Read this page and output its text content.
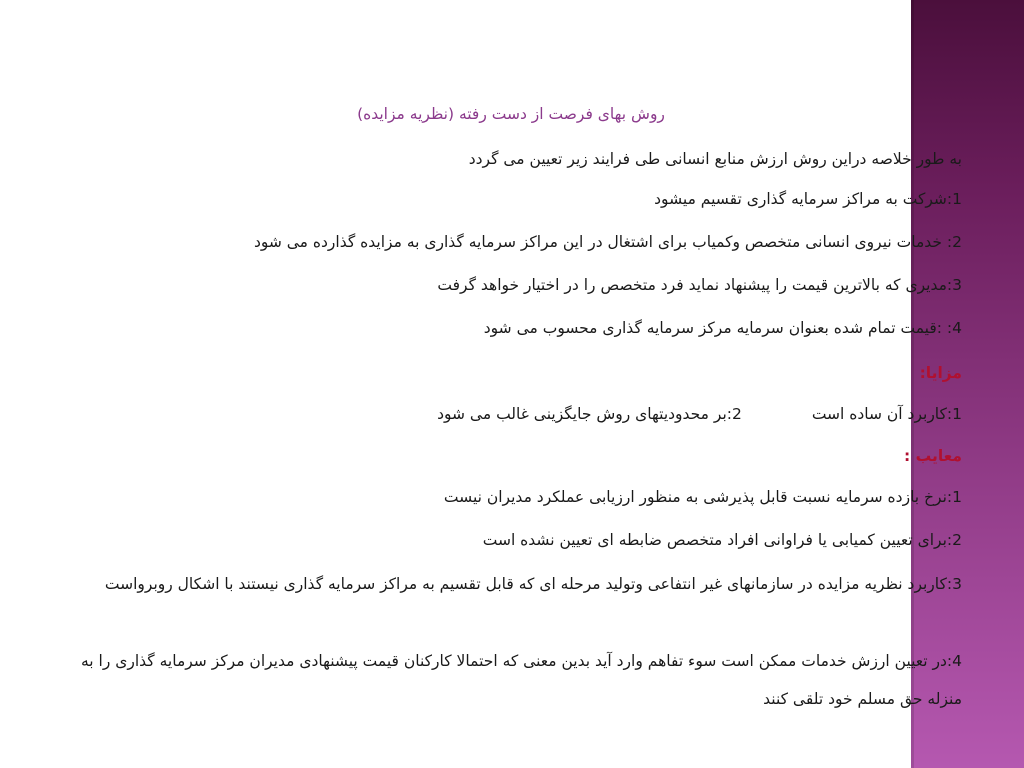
روش بهای فرصت از دست رفته (نظریه مزایده)
به طور خلاصه دراین روش ارزش منابع انسانی طی فرایند زیر تعیین می گردد
1:شرکت به مراکز سرمایه گذاری تقسیم میشود
2: خدمات نیروی انسانی متخصص وکمیاب برای اشتغال در این مراکز سرمایه گذاری به مزایده گذارده می شود
3:مدیری که بالاترین قیمت را پیشنهاد نماید فرد متخصص را در اختیار خواهد گرفت
4: :قیمت تمام شده بعنوان سرمایه مرکز سرمایه گذاری محسوب می شود
مزایا:
1:کاربرد آن ساده است 2:بر محدودیتهای روش جایگزینی غالب می شود
معایب :
1:نرخ بازده سرمایه نسبت قابل پذیرشی به منظور ارزیابی عملکرد مدیران نیست
2:برای تعیین کمیابی یا فراوانی افراد متخصص ضابطه ای تعیین نشده است
3:کاربرد نظریه مزایده در سازمانهای غیر انتفاعی وتولید مرحله ای که قابل تقسیم به مراکز سرمایه گذاری نیستند با اشکال روبرواست
4:در تعیین ارزش خدمات ممکن است سوء تفاهم وارد آید بدین معنی که احتمالا کارکنان قیمت پیشنهادی مدیران مرکز سرمایه گذاری را به منزله حق مسلم خود تلقی کنند
